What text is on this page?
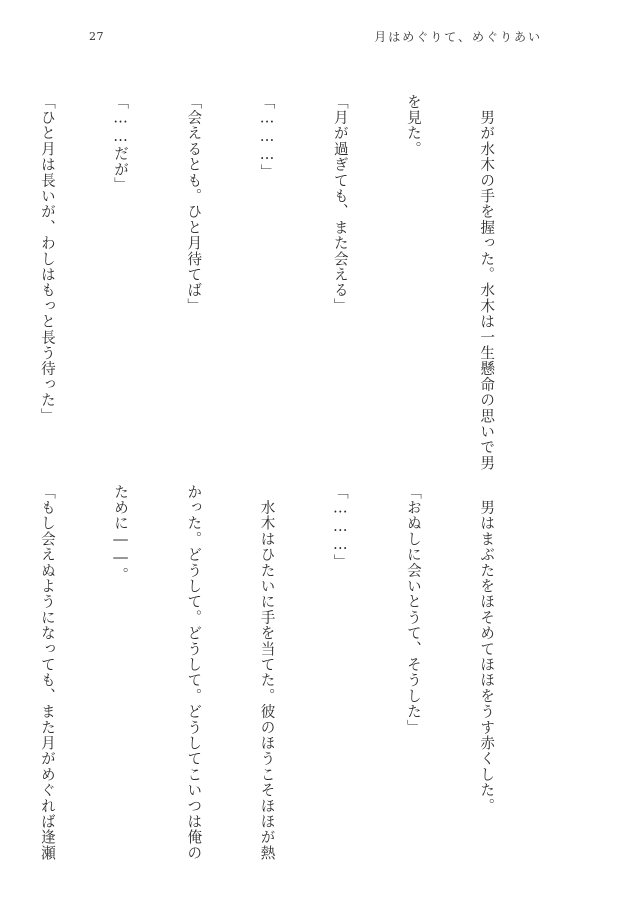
27	月はめぐりて、めぐりあい

　男が水木の手を握った。水木は一生懸命の思いで男

を見た。

「月が過ぎても、また会える」

「………」

「会えるとも。ひと月待てば」

「……だが」

「ひと月は長いが、わしはもっと長う待った」

　男はまぶたをほそめてほほをうす赤くした。

「おぬしに会いとうて、そうした」

「………」

　水木はひたいに手を当てた。彼のほうこそほほが熱

かった。どうして。どうして。どうしてこいつは俺の

ために――。

「もし会えぬようになっても、また月がめぐれば逢瀬
